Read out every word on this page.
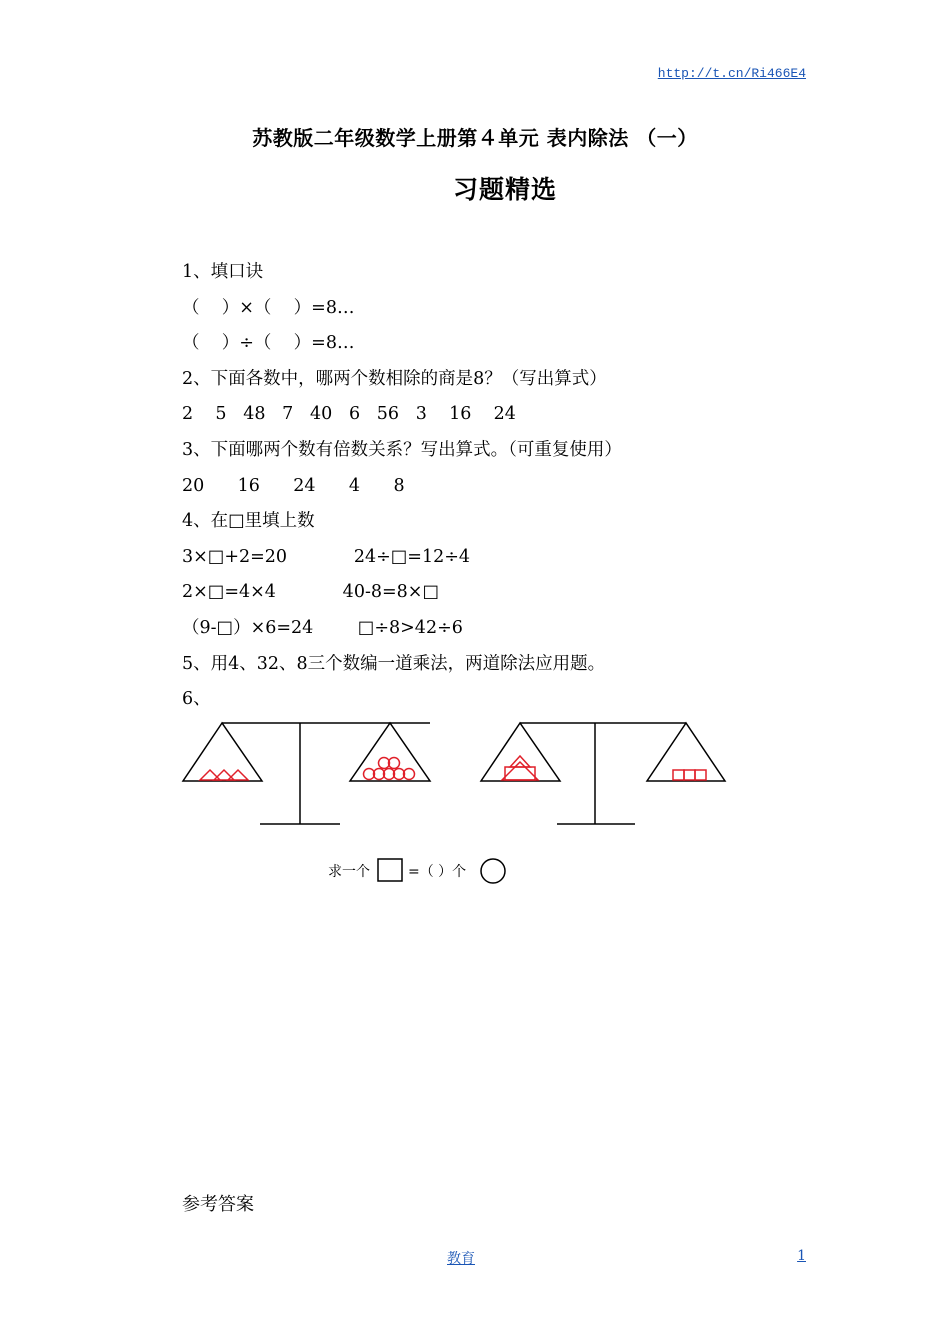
http://t.cn/Ri466E4
苏教版二年级数学上册第４单元 表内除法 （一）
习题精选
1、填口诀
（    ）×（    ）=8…
（    ）÷（    ）=8…
2、下面各数中，哪两个数相除的商是8？（写出算式）
2    5   48   7   40   6   56   3    16    24
3、下面哪两个数有倍数关系？写出算式。（可重复使用）
20      16      24      4      8
4、在□里填上数
3×□+2=20            24÷□=12÷4
2×□=4×4            40-8=8×□
（9-□）×6=24        □÷8>42÷6
5、用4、32、8三个数编一道乘法，两道除法应用题。
6、
求一个	=（ ）个
参考答案
教育	1
